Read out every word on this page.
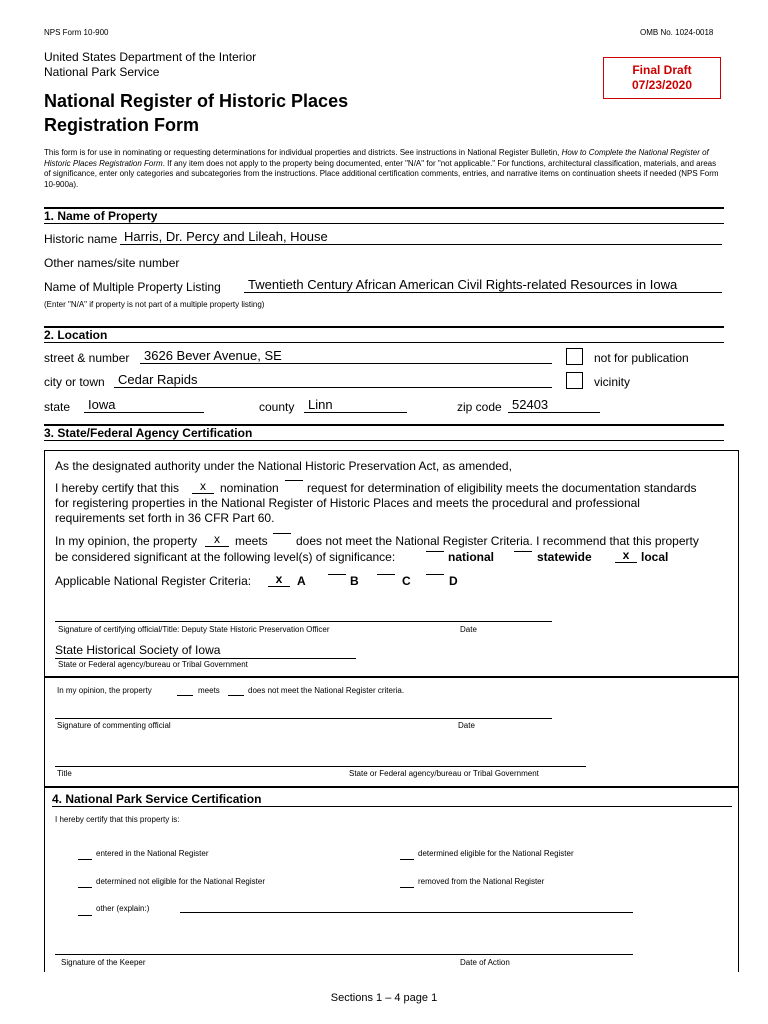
NPS Form 10-900	OMB No. 1024-0018
United States Department of the Interior
National Park Service
National Register of Historic Places
Registration Form
Final Draft
07/23/2020
This form is for use in nominating or requesting determinations for individual properties and districts. See instructions in National Register Bulletin, How to Complete the National Register of Historic Places Registration Form. If any item does not apply to the property being documented, enter "N/A" for "not applicable." For functions, architectural classification, materials, and areas of significance, enter only categories and subcategories from the instructions. Place additional certification comments, entries, and narrative items on continuation sheets if needed (NPS Form 10-900a).
1. Name of Property
Historic name Harris, Dr. Percy and Lileah, House
Other names/site number
Name of Multiple Property Listing	Twentieth Century African American Civil Rights-related Resources in Iowa
(Enter "N/A" if property is not part of a multiple property listing)
2. Location
street & number	3626 Bever Avenue, SE	not for publication
city or town	Cedar Rapids	vicinity
state	Iowa	county	Linn	zip code 52403
3. State/Federal Agency Certification
As the designated authority under the National Historic Preservation Act, as amended,
I hereby certify that this	x	nomination request for determination of eligibility meets the documentation standards
for registering properties in the National Register of Historic Places and meets the procedural and professional
requirements set forth in 36 CFR Part 60.
In my opinion, the property	x	meets does not meet the National Register Criteria. I recommend that this property
be considered significant at the following level(s) of significance:	national	statewide	x local
Applicable National Register Criteria:	x	A	B	C	D
Signature of certifying official/Title: Deputy State Historic Preservation Officer	Date
State Historical Society of Iowa
State or Federal agency/bureau or Tribal Government
In my opinion, the property	meets	does not meet the National Register criteria.
Signature of commenting official	Date
Title	State or Federal agency/bureau or Tribal Government
4. National Park Service Certification
I hereby certify that this property is:
entered in the National Register	determined eligible for the National Register
determined not eligible for the National Register	removed from the National Register
other (explain:)
Signature of the Keeper	Date of Action
Sections 1 – 4 page 1
